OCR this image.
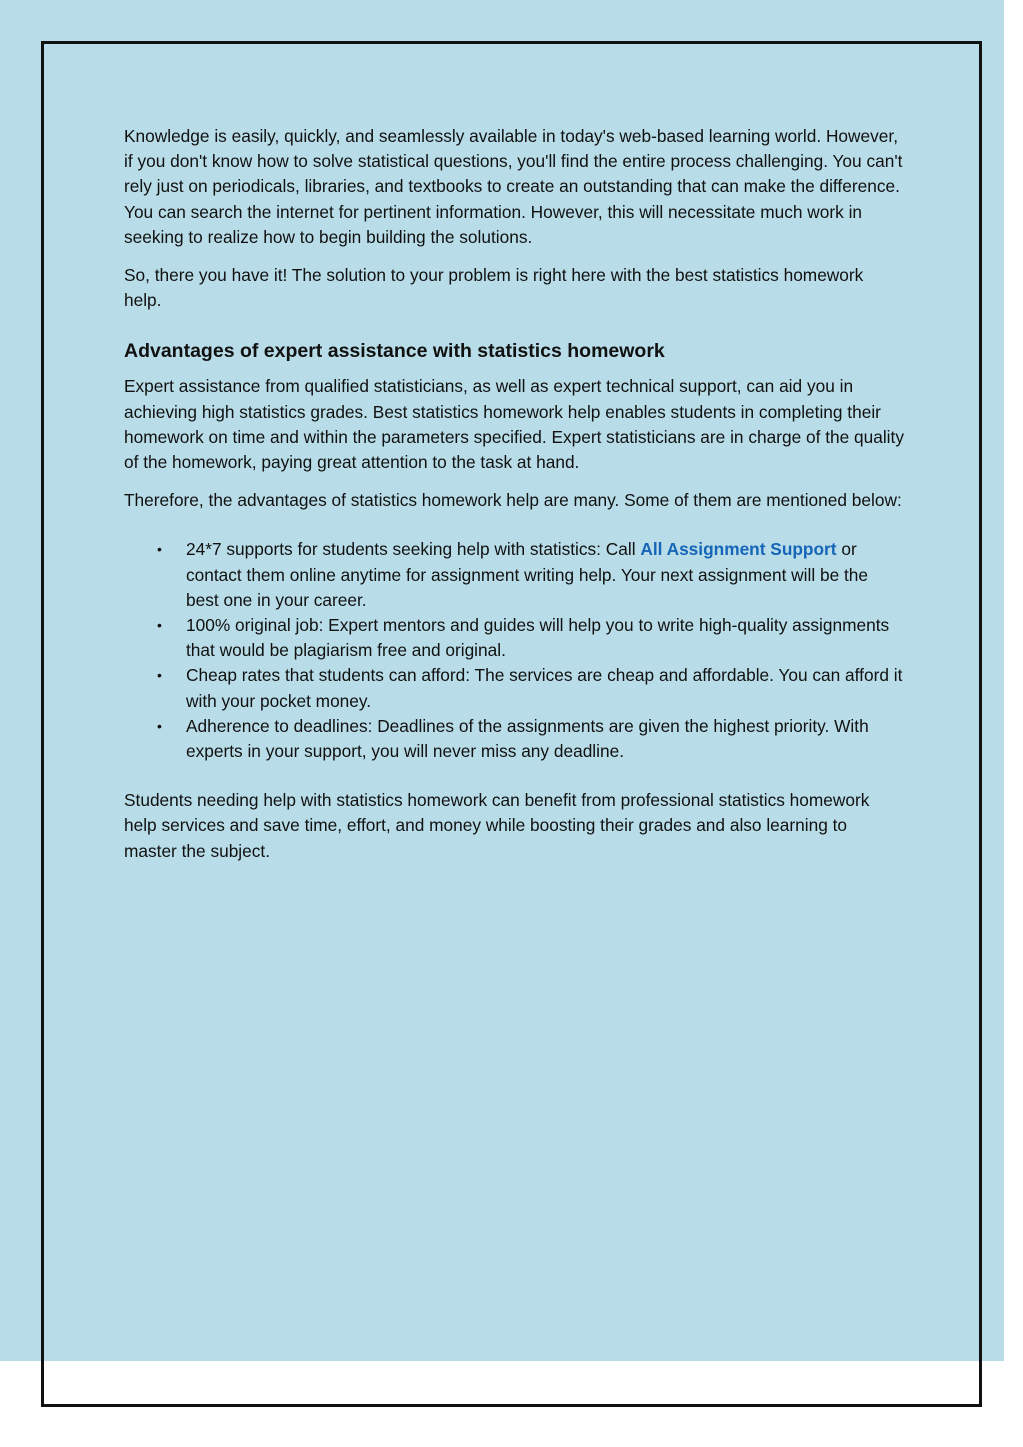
Knowledge is easily, quickly, and seamlessly available in today's web-based learning world. However, if you don't know how to solve statistical questions, you'll find the entire process challenging. You can't rely just on periodicals, libraries, and textbooks to create an outstanding that can make the difference. You can search the internet for pertinent information. However, this will necessitate much work in seeking to realize how to begin building the solutions.

So, there you have it! The solution to your problem is right here with the best statistics homework help.

Advantages of expert assistance with statistics homework

Expert assistance from qualified statisticians, as well as expert technical support, can aid you in achieving high statistics grades. Best statistics homework help enables students in completing their homework on time and within the parameters specified. Expert statisticians are in charge of the quality of the homework, paying great attention to the task at hand.

Therefore, the advantages of statistics homework help are many. Some of them are mentioned below:

• 24*7 supports for students seeking help with statistics: Call All Assignment Support or contact them online anytime for assignment writing help. Your next assignment will be the best one in your career.
• 100% original job: Expert mentors and guides will help you to write high-quality assignments that would be plagiarism free and original.
• Cheap rates that students can afford: The services are cheap and affordable. You can afford it with your pocket money.
• Adherence to deadlines: Deadlines of the assignments are given the highest priority. With experts in your support, you will never miss any deadline.

Students needing help with statistics homework can benefit from professional statistics homework help services and save time, effort, and money while boosting their grades and also learning to master the subject.
